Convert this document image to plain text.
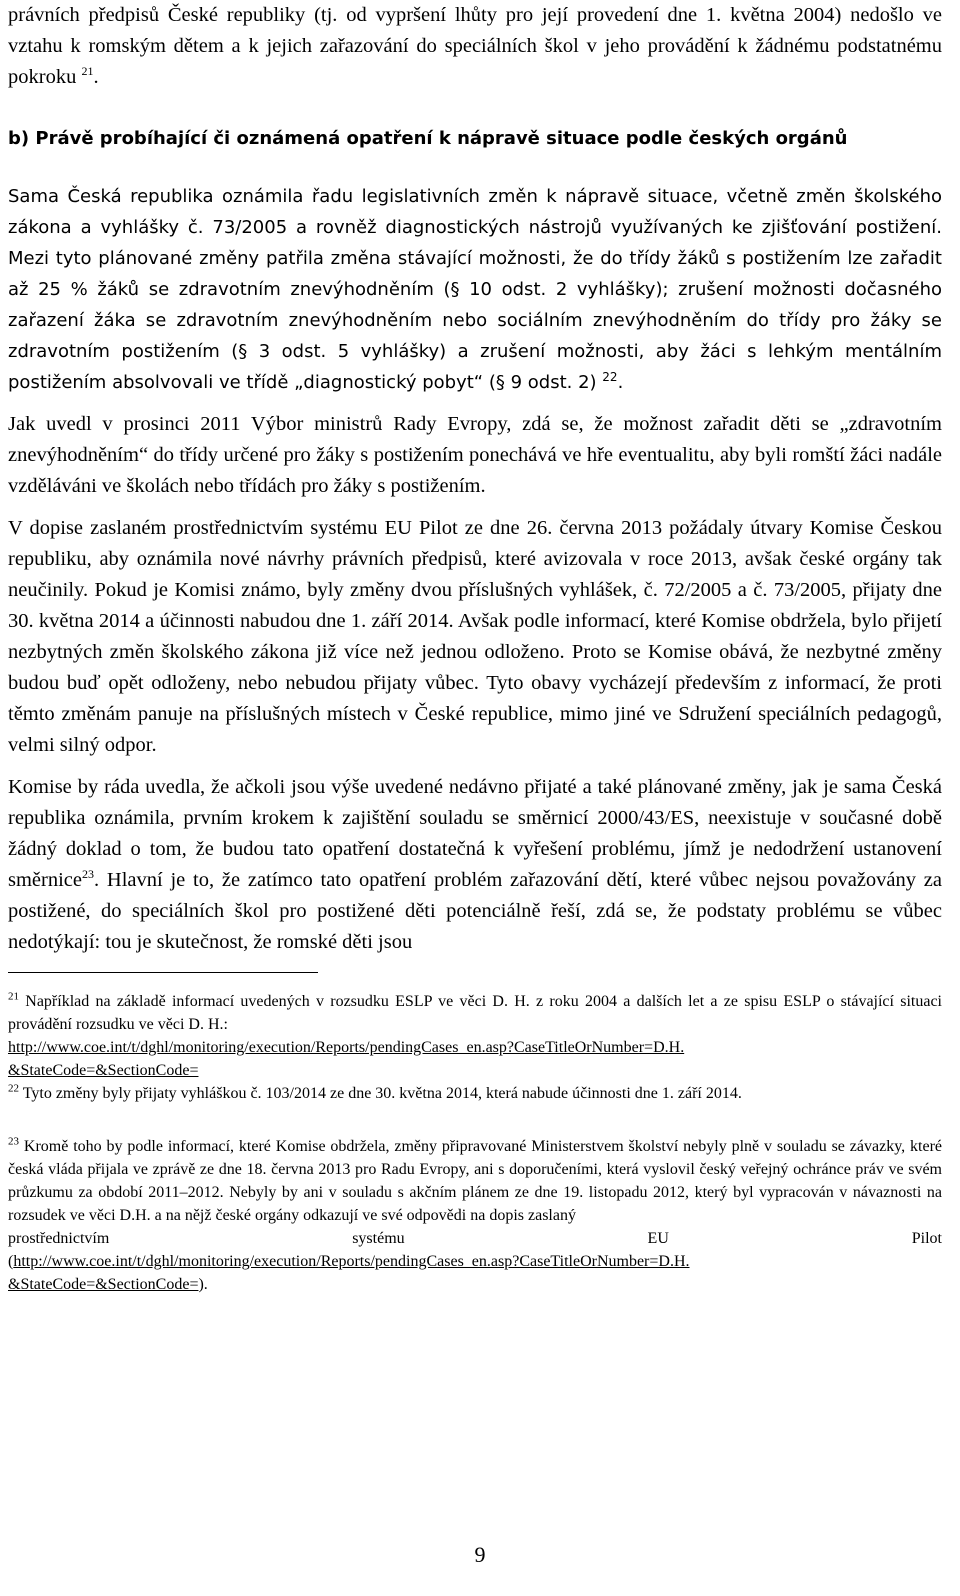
právních předpisů České republiky (tj. od vypršení lhůty pro její provedení dne 1. května 2004) nedošlo ve vztahu k romským dětem a k jejich zařazování do speciálních škol v jeho provádění k žádnému podstatnému pokroku $^{21}$.

b) Právě probíhající či oznámená opatření k nápravě situace podle českých orgánů

Sama Česká republika oznámila řadu legislativních změn k nápravě situace, včetně změn školského zákona a vyhlášky č. 73/2005 a rovněž diagnostických nástrojů využívaných ke zjišťování postižení. Mezi tyto plánované změny patřila změna stávající možnosti, že do třídy žáků s postižením lze zařadit až 25 % žáků se zdravotním znevýhodněním (§ 10 odst. 2 vyhlášky); zrušení možnosti dočasného zařazení žáka se zdravotním znevýhodněním nebo sociálním znevýhodněním do třídy pro žáky se zdravotním postižením (§ 3 odst. 5 vyhlášky) a zrušení možnosti, aby žáci s lehkým mentálním postižením absolvovali ve třídě „diagnostický pobyt“ (§ 9 odst. 2) $^{22}$.

Jak uvedl v prosinci 2011 Výbor ministrů Rady Evropy, zdá se, že možnost zařadit děti se „zdravotním znevýhodněním“ do třídy určené pro žáky s postižením ponechává ve hře eventualitu, aby byli romští žáci nadále vzděláváni ve školách nebo třídách pro žáky s postižením.

V dopise zaslaném prostřednictvím systému EU Pilot ze dne 26. června 2013 požádaly útvary Komise Českou republiku, aby oznámila nové návrhy právních předpisů, které avizovala v roce 2013, avšak české orgány tak neučinily. Pokud je Komisi známo, byly změny dvou příslušných vyhlášek, č. 72/2005 a č. 73/2005, přijaty dne 30. května 2014 a účinnosti nabudou dne 1. září 2014. Avšak podle informací, které Komise obdržela, bylo přijetí nezbytných změn školského zákona již více než jednou odloženo. Proto se Komise obává, že nezbytné změny budou buď opět odloženy, nebo nebudou přijaty vůbec. Tyto obavy vycházejí především z informací, že proti těmto změnám panuje na příslušných místech v České republice, mimo jiné ve Sdružení speciálních pedagogů, velmi silný odpor.

Komise by ráda uvedla, že ačkoli jsou výše uvedené nedávno přijaté a také plánované změny, jak je sama Česká republika oznámila, prvním krokem k zajištění souladu se směrnicí 2000/43/ES, neexistuje v současné době žádný doklad o tom, že budou tato opatření dostatečná k vyřešení problému, jímž je nedodržení ustanovení směrnice$^{23}$. Hlavní je to, že zatímco tato opatření problém zařazování dětí, které vůbec nejsou považovány za postižené, do speciálních škol pro postižené děti potenciálně řeší, zdá se, že podstaty problému se vůbec nedotýkají: tou je skutečnost, že romské děti jsou

$^{21}$ Například na základě informací uvedených v rozsudku ESLP ve věci D. H. z roku 2004 a dalších let a ze spisu ESLP o stávající situaci provádění rozsudku ve věci D. H.:
http://www.coe.int/t/dghl/monitoring/execution/Reports/pendingCases_en.asp?CaseTitleOrNumber=D.H.
&StateCode=&SectionCode=

$^{22}$ Tyto změny byly přijaty vyhláškou č. 103/2014 ze dne 30. května 2014, která nabude účinnosti dne 1. září 2014.

$^{23}$ Kromě toho by podle informací, které Komise obdržela, změny připravované Ministerstvem školství nebyly plně v souladu se závazky, které česká vláda přijala ve zprávě ze dne 18. června 2013 pro Radu Evropy, ani s doporučeními, která vyslovil český veřejný ochránce práv ve svém průzkumu za období 2011–2012. Nebyly by ani v souladu s akčním plánem ze dne 19. listopadu 2012, který byl vypracován v návaznosti na rozsudek ve věci D.H. a na nějž české orgány odkazují ve své odpovědi na dopis zaslaný

prostřednictvím	systému	EU	Pilot

(http://www.coe.int/t/dghl/monitoring/execution/Reports/pendingCases_en.asp?CaseTitleOrNumber=D.H.
&StateCode=&SectionCode=).

9
